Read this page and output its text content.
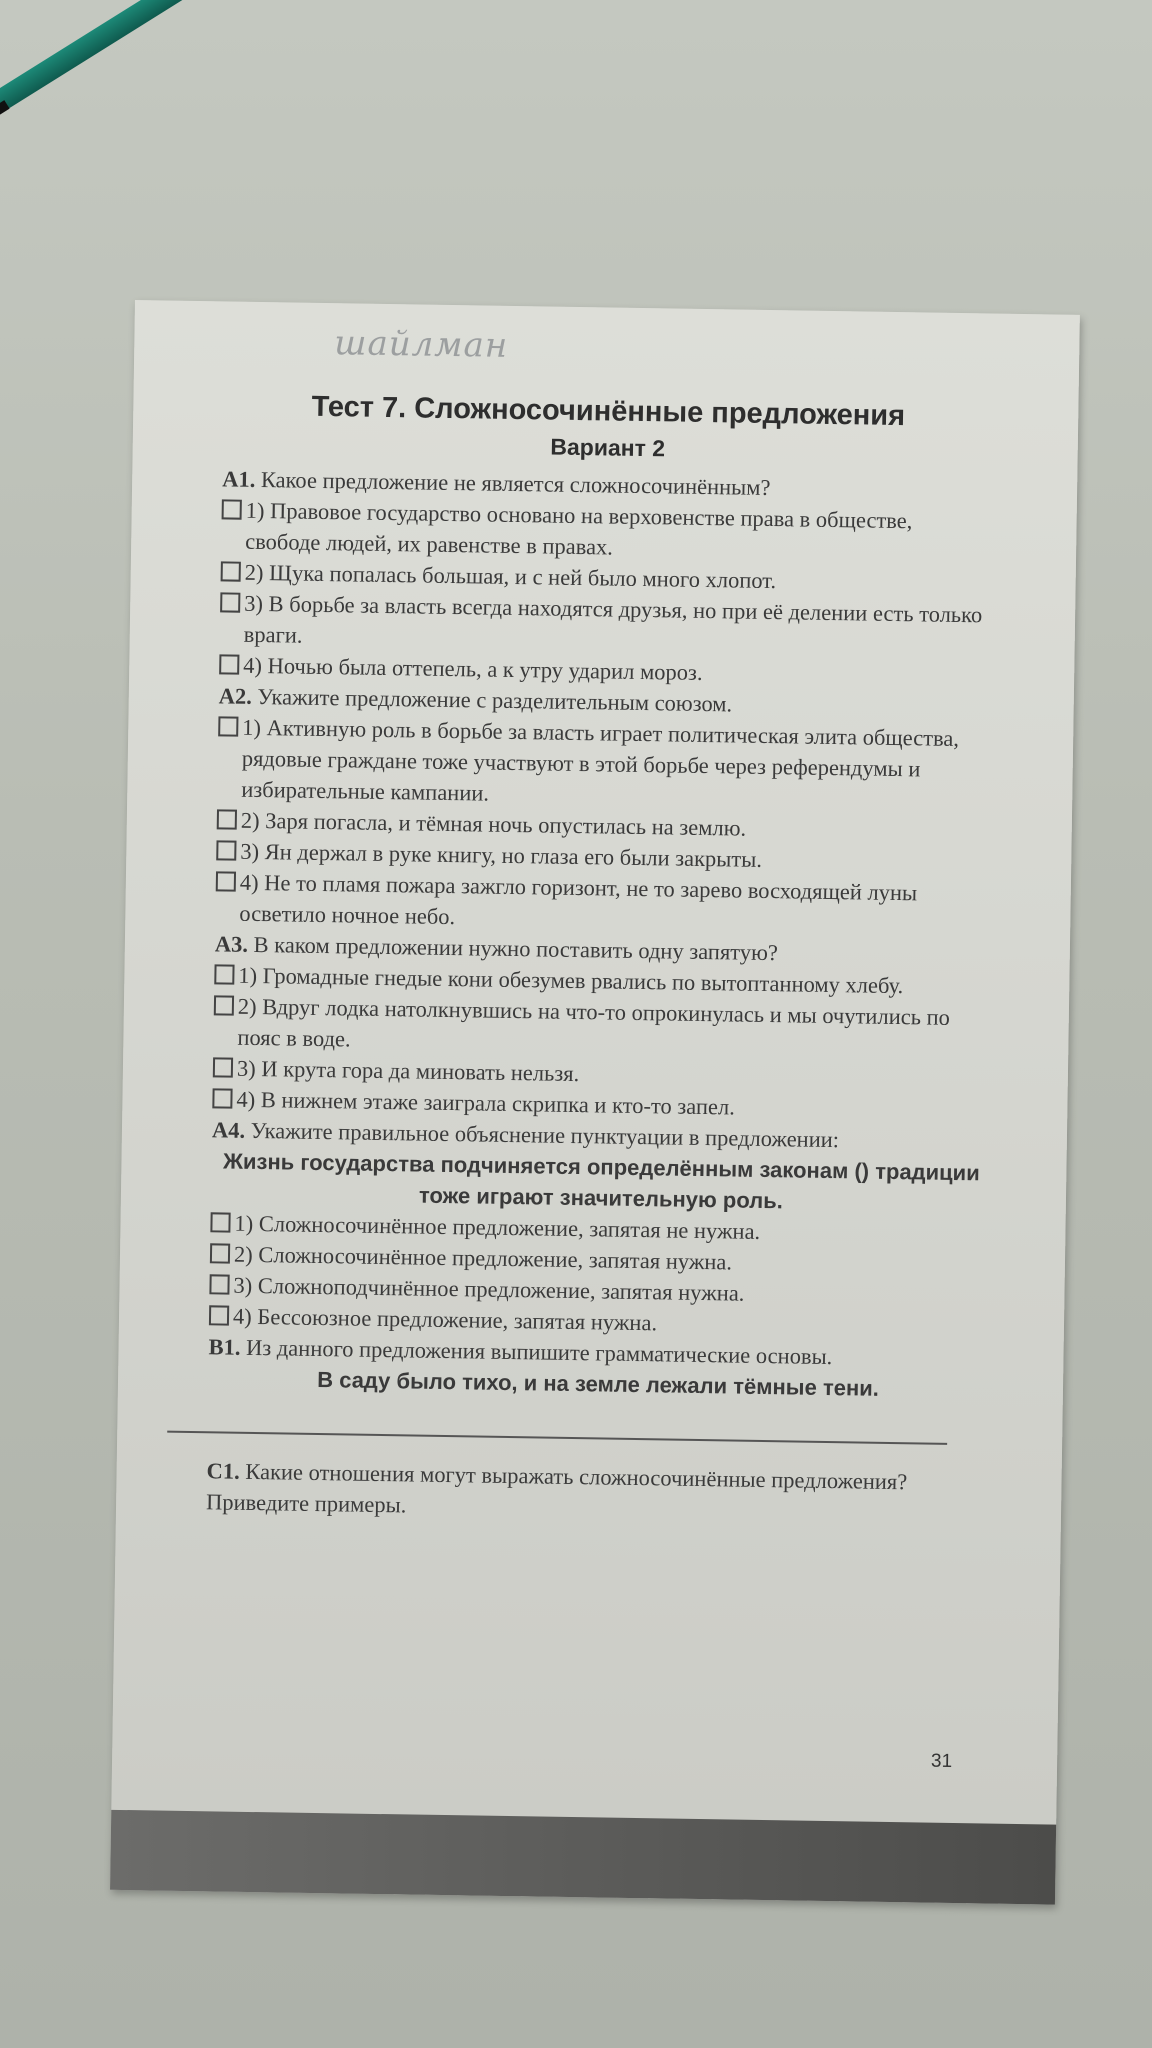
шайлман
Тест 7. Сложносочинённые предложения
Вариант 2

А1. Какое предложение не является сложносочинённым?

1) Правовое государство основано на верховенстве права в обществе, свободе людей, их равенстве в правах.
2) Щука попалась большая, и с ней было много хлопот.
3) В борьбе за власть всегда находятся друзья, но при её делении есть только враги.
4) Ночью была оттепель, а к утру ударил мороз.

А2. Укажите предложение с разделительным союзом.

1) Активную роль в борьбе за власть играет политическая элита общества, рядовые граждане тоже участвуют в этой борьбе через референдумы и избирательные кампании.
2) Заря погасла, и тёмная ночь опустилась на землю.
3) Ян держал в руке книгу, но глаза его были закрыты.
4) Не то пламя пожара зажгло горизонт, не то зарево восходящей луны осветило ночное небо.

А3. В каком предложении нужно поставить одну запятую?

1) Громадные гнедые кони обезумев рвались по вытоптанному хлебу.
2) Вдруг лодка натолкнувшись на что-то опрокинулась и мы очутились по пояс в воде.
3) И крута гора да миновать нельзя.
4) В нижнем этаже заиграла скрипка и кто-то запел.

А4. Укажите правильное объяснение пунктуации в предложении:

Жизнь государства подчиняется определённым законам () традиции тоже играют значительную роль.
1) Сложносочинённое предложение, запятая не нужна.
2) Сложносочинённое предложение, запятая нужна.
3) Сложноподчинённое предложение, запятая нужна.
4) Бессоюзное предложение, запятая нужна.

В1. Из данного предложения выпишите грамматические основы.

В саду было тихо, и на земле лежали тёмные тени.

С1. Какие отношения могут выражать сложносочинённые предложения? Приведите примеры.

31
